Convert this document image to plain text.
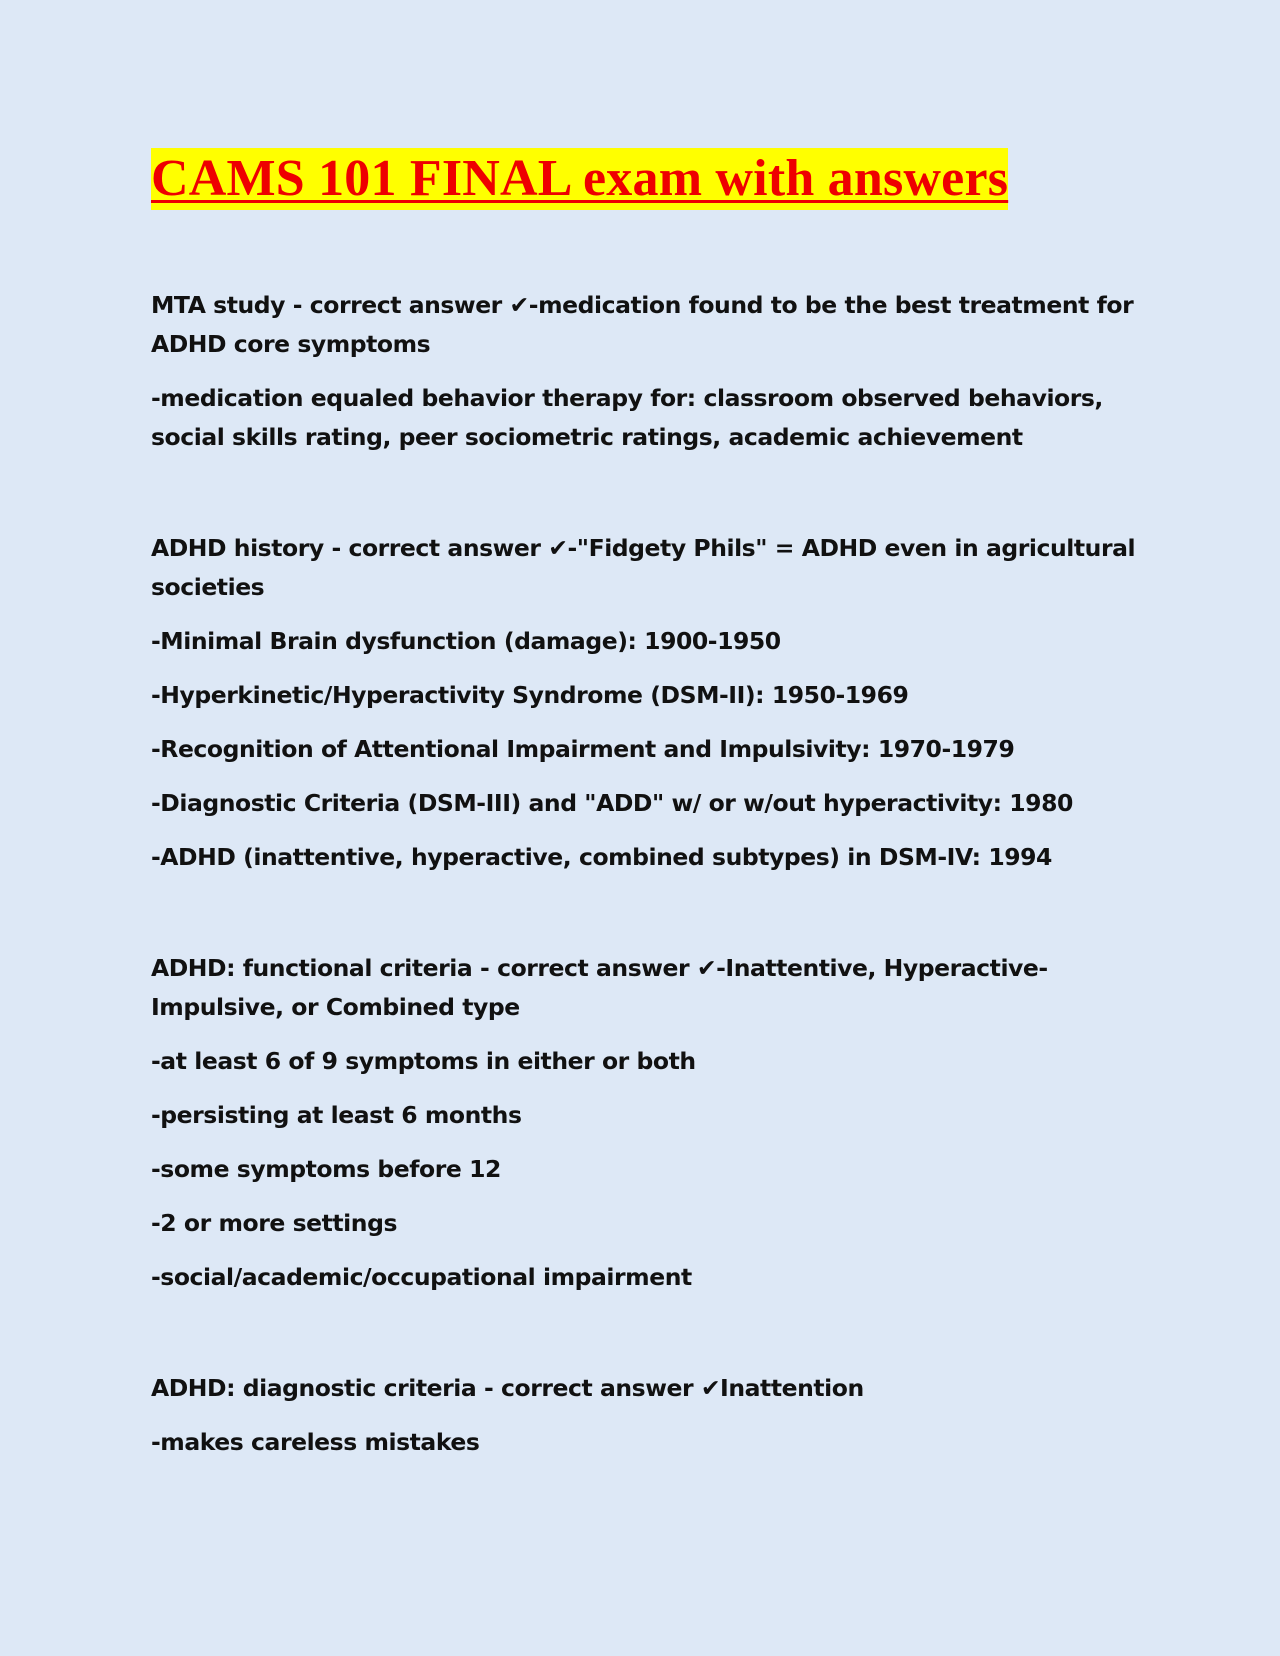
CAMS 101 FINAL exam with answers

MTA study - correct answer ✔-medication found to be the best treatment for ADHD core symptoms

-medication equaled behavior therapy for: classroom observed behaviors, social skills rating, peer sociometric ratings, academic achievement

ADHD history - correct answer ✔-"Fidgety Phils" = ADHD even in agricultural societies

-Minimal Brain dysfunction (damage): 1900-1950

-Hyperkinetic/Hyperactivity Syndrome (DSM-II): 1950-1969

-Recognition of Attentional Impairment and Impulsivity: 1970-1979

-Diagnostic Criteria (DSM-III) and "ADD" w/ or w/out hyperactivity: 1980

-ADHD (inattentive, hyperactive, combined subtypes) in DSM-IV: 1994

ADHD: functional criteria - correct answer ✔-Inattentive, Hyperactive-Impulsive, or Combined type

-at least 6 of 9 symptoms in either or both

-persisting at least 6 months

-some symptoms before 12

-2 or more settings

-social/academic/occupational impairment

ADHD: diagnostic criteria - correct answer ✔Inattention

-makes careless mistakes
